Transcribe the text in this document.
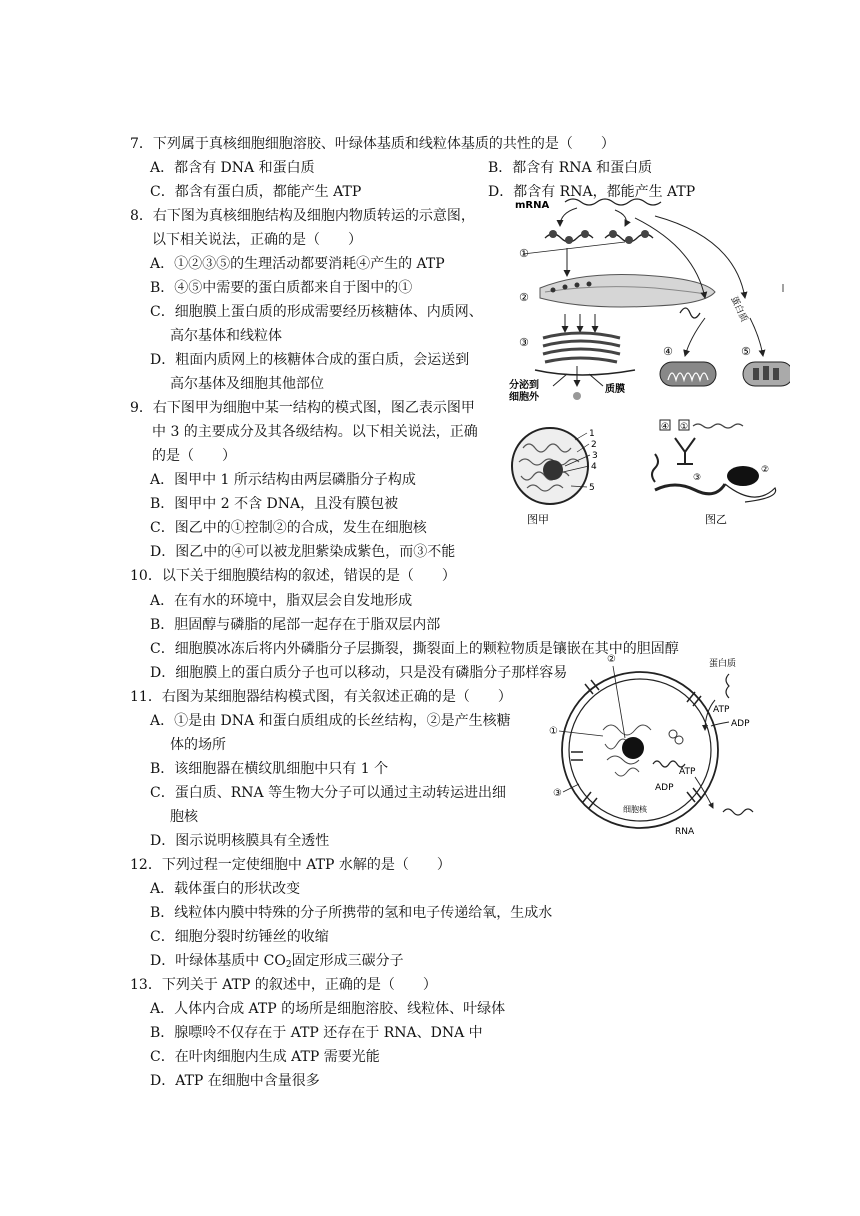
7．下列属于真核细胞细胞溶胶、叶绿体基质和线粒体基质的共性的是（　　）
A．都含有 DNA 和蛋白质	B．都含有 RNA 和蛋白质
C．都含有蛋白质，都能产生 ATP	D．都含有 RNA，都能产生 ATP
8．右下图为真核细胞结构及细胞内物质转运的示意图，
以下相关说法，正确的是（　　）
A．①②③⑤的生理活动都要消耗④产生的 ATP
B．④⑤中需要的蛋白质都来自于图中的①
C．细胞膜上蛋白质的形成需要经历核糖体、内质网、
高尔基体和线粒体
D．粗面内质网上的核糖体合成的蛋白质，会运送到
高尔基体及细胞其他部位
9．右下图甲为细胞中某一结构的模式图，图乙表示图甲
中 3 的主要成分及其各级结构。以下相关说法，正确
的是（　　）
A．图甲中 1 所示结构由两层磷脂分子构成
B．图甲中 2 不含 DNA，且没有膜包被
C．图乙中的①控制②的合成，发生在细胞核
D．图乙中的④可以被龙胆紫染成紫色，而③不能
10．以下关于细胞膜结构的叙述，错误的是（　　）
A．在有水的环境中，脂双层会自发地形成
B．胆固醇与磷脂的尾部一起存在于脂双层内部
C．细胞膜冰冻后将内外磷脂分子层撕裂，撕裂面上的颗粒物质是镶嵌在其中的胆固醇
D．细胞膜上的蛋白质分子也可以移动，只是没有磷脂分子那样容易
11．右图为某细胞器结构模式图，有关叙述正确的是（　　）
A．①是由 DNA 和蛋白质组成的长丝结构，②是产生核糖
体的场所
B．该细胞器在横纹肌细胞中只有 1 个
C．蛋白质、RNA 等生物大分子可以通过主动转运进出细
胞核
D．图示说明核膜具有全透性
12．下列过程一定使细胞中 ATP 水解的是（　　）
A．载体蛋白的形状改变
B．线粒体内膜中特殊的分子所携带的氢和电子传递给氧，生成水
C．细胞分裂时纺锤丝的收缩
D．叶绿体基质中 $CO_2$固定形成三碳分子
13．下列关于 ATP 的叙述中，正确的是（　　）
A．人体内合成 ATP 的场所是细胞溶胶、线粒体、叶绿体
B．腺嘌呤不仅存在于 ATP 还存在于 RNA、DNA 中
C．在叶肉细胞内生成 ATP 需要光能
D．ATP 在细胞中含量很多
mRNA
①
②
③
分泌到
细胞外
质膜
蛋白质
④	⑤
1
2
3
4
5
图甲
④ ①
③
②
图乙
②
①
③
蛋白质
ATP
ADP
ATP
ADP
RNA
细胞核
